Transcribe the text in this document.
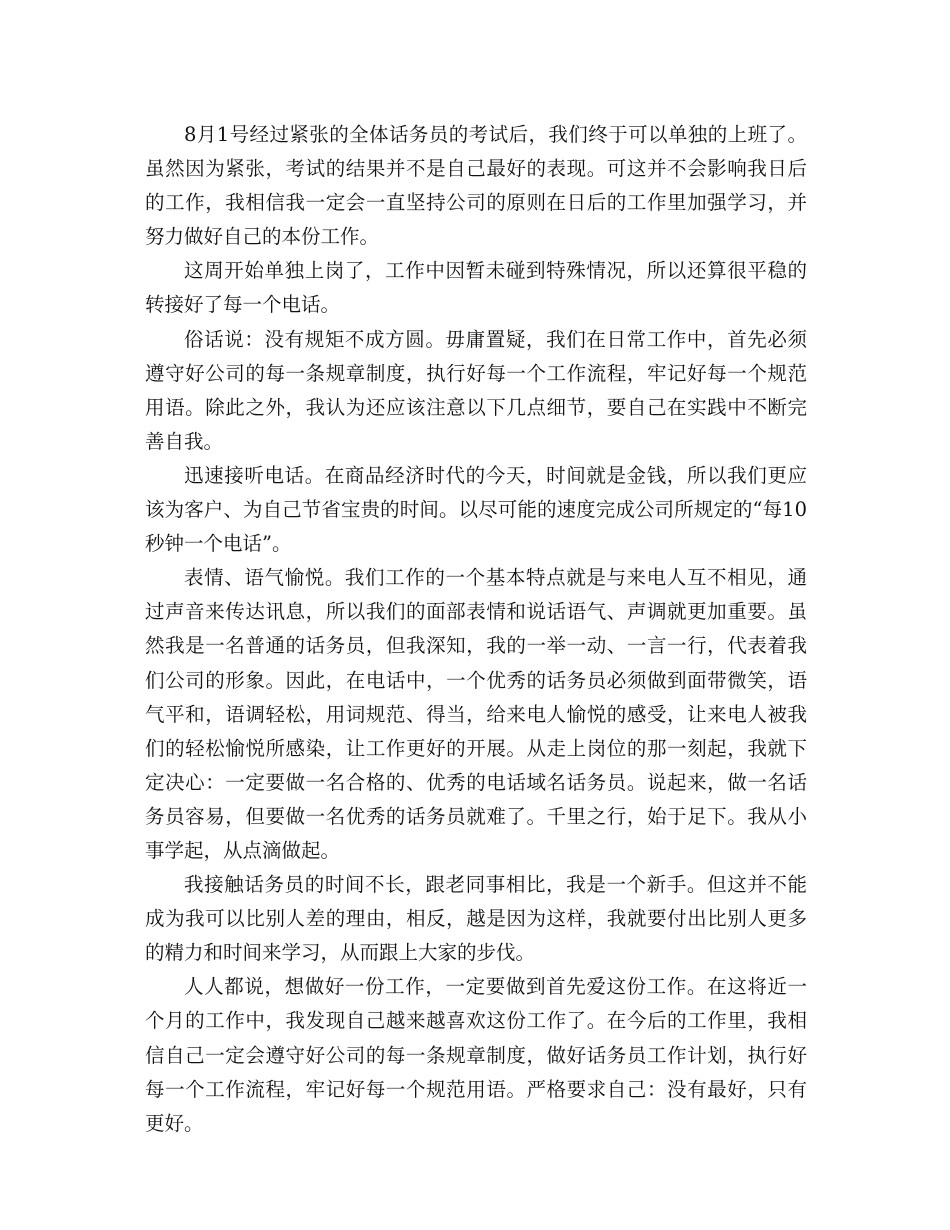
8月1号经过紧张的全体话务员的考试后，我们终于可以单独的上班了。虽然因为紧张，考试的结果并不是自己最好的表现。可这并不会影响我日后的工作，我相信我一定会一直坚持公司的原则在日后的工作里加强学习，并努力做好自己的本份工作。

这周开始单独上岗了，工作中因暂未碰到特殊情况，所以还算很平稳的转接好了每一个电话。

俗话说：没有规矩不成方圆。毋庸置疑，我们在日常工作中，首先必须遵守好公司的每一条规章制度，执行好每一个工作流程，牢记好每一个规范用语。除此之外，我认为还应该注意以下几点细节，要自己在实践中不断完善自我。

迅速接听电话。在商品经济时代的今天，时间就是金钱，所以我们更应该为客户、为自己节省宝贵的时间。以尽可能的速度完成公司所规定的“每10秒钟一个电话”。

表情、语气愉悦。我们工作的一个基本特点就是与来电人互不相见，通过声音来传达讯息，所以我们的面部表情和说话语气、声调就更加重要。虽然我是一名普通的话务员，但我深知，我的一举一动、一言一行，代表着我们公司的形象。因此，在电话中，一个优秀的话务员必须做到面带微笑，语气平和，语调轻松，用词规范、得当，给来电人愉悦的感受，让来电人被我们的轻松愉悦所感染，让工作更好的开展。从走上岗位的那一刻起，我就下定决心：一定要做一名合格的、优秀的电话域名话务员。说起来，做一名话务员容易，但要做一名优秀的话务员就难了。千里之行，始于足下。我从小事学起，从点滴做起。

我接触话务员的时间不长，跟老同事相比，我是一个新手。但这并不能成为我可以比别人差的理由，相反，越是因为这样，我就要付出比别人更多的精力和时间来学习，从而跟上大家的步伐。

人人都说，想做好一份工作，一定要做到首先爱这份工作。在这将近一个月的工作中，我发现自己越来越喜欢这份工作了。在今后的工作里，我相信自己一定会遵守好公司的每一条规章制度，做好话务员工作计划，执行好每一个工作流程，牢记好每一个规范用语。严格要求自己：没有最好，只有更好。
